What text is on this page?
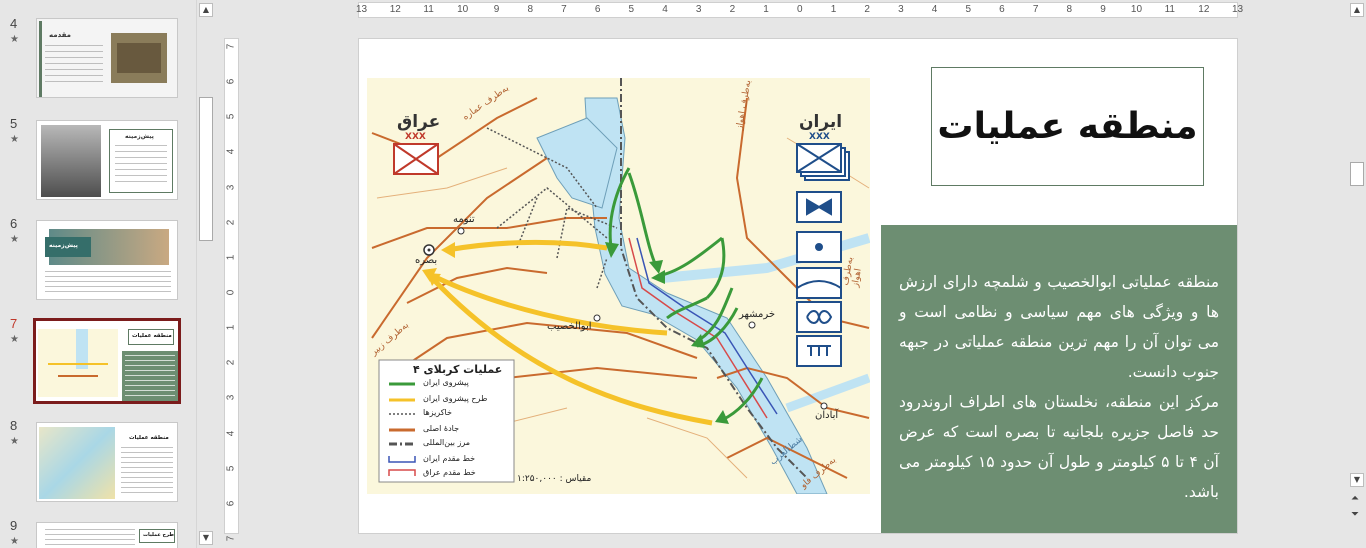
4
★	مقدمه
5
★	پیش‌زمینه
6
★
پیش‌زمینه
7
★	منطقه عملیات
8
★	منطقه عملیات
9
★
طرح عملیات
▲
▼
13 12 11 10	9	8	7	6	5	4	3	2	1	0	1	2	3	4	5	6	7	8	9	10 11 12 13
7
6
5
4
3
2
1
0
1
2
3
4
5
6
7
عراق
XXX
ایران
XXX
بصره
تنومه
ابوالخصیب
خرمشهر
آبادان
به‌طرف عماره	به‌طرف اهواز
به‌طرف اهواز
به‌طرف زبیر
به‌طرف فاو
شط‌العرب
عملیات کربلای ۴
پیشروی ایران
طرح پیشروی ایران
خاکریزها
جادهٔ اصلی
مرز بین‌المللی
خط مقدم ایران
خط مقدم عراق
مقیاس : ۱:۲۵۰,۰۰۰
منطقه عملیات

منطقه عملیاتی ابوالخصیب و شلمچه دارای ارزش ها و ویژگی های مهم سیاسی و نظامی است و می توان آن را مهم ترین منطقه عملیاتی در جبهه جنوب دانست.

مرکز این منطقه، نخلستان های اطراف اروندرود حد فاصل جزیره بلجانیه تا بصره است که عرض آن ۴ تا ۵ کیلومتر و طول آن حدود ۱۵ کیلومتر می باشد.

▲
▼
⏶
⏷
